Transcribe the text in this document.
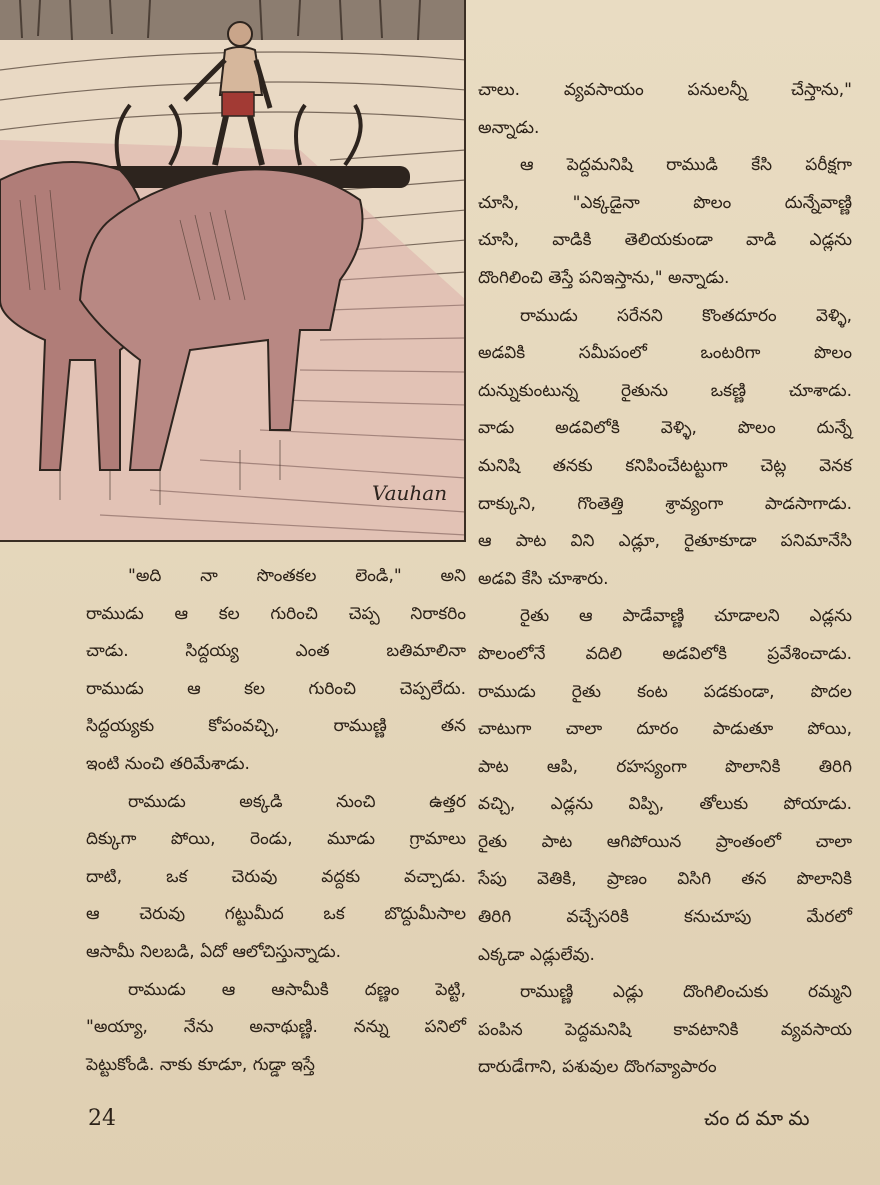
Vauhan

చాలు. వ్యవసాయం పనులన్నీ చేస్తాను,"
అన్నాడు.

ఆ పెద్దమనిషి రాముడి కేసి పరీక్షగా
చూసి, "ఎక్కడైనా పొలం దున్నేవాణ్ణి
చూసి, వాడికి తెలియకుండా వాడి ఎడ్లను
దొంగిలించి తెస్తే పనిఇస్తాను," అన్నాడు.

రాముడు సరేనని కొంతదూరం వెళ్ళి,
అడవికి సమీపంలో ఒంటరిగా పొలం
దున్నుకుంటున్న రైతును ఒకణ్ణి చూశాడు.
వాడు అడవిలోకి వెళ్ళి, పొలం దున్నే
మనిషి తనకు కనిపించేటట్టుగా చెట్ల వెనక
దాక్కుని, గొంతెత్తి శ్రావ్యంగా పాడసాగాడు.
ఆ పాట విని ఎడ్లూ, రైతూకూడా పనిమానేసి
అడవి కేసి చూశారు.

రైతు ఆ పాడేవాణ్ణి చూడాలని ఎడ్లను
పొలంలోనే వదిలి అడవిలోకి ప్రవేశించాడు.
రాముడు రైతు కంట పడకుండా, పొదల
చాటుగా చాలా దూరం పాడుతూ పోయి,
పాట ఆపి, రహస్యంగా పొలానికి తిరిగి
వచ్చి, ఎడ్లను విప్పి, తోలుకు పోయాడు.
రైతు పాట ఆగిపోయిన ప్రాంతంలో చాలా
సేపు వెతికి, ప్రాణం విసిగి తన పొలానికి
తిరిగి వచ్చేసరికి కనుచూపు మేరలో
ఎక్కడా ఎడ్లులేవు.

రాముణ్ణి ఎడ్లు దొంగిలించుకు రమ్మని
పంపిన పెద్దమనిషి కావటానికి వ్యవసాయ
దారుడేగాని, పశువుల దొంగవ్యాపారం

"అది నా సొంతకల లెండి," అని
రాముడు ఆ కల గురించి చెప్ప నిరాకరిం
చాడు. సిద్దయ్య ఎంత బతిమాలినా
రాముడు ఆ కల గురించి చెప్పలేదు.
సిద్దయ్యకు కోపంవచ్చి, రాముణ్ణి తన
ఇంటి నుంచి తరిమేశాడు.

రాముడు అక్కడి నుంచి ఉత్తర
దిక్కుగా పోయి, రెండు, మూడు గ్రామాలు
దాటి, ఒక చెరువు వద్దకు వచ్చాడు.
ఆ చెరువు గట్టుమీద ఒక బొద్దుమీసాల
ఆసామీ నిలబడి, ఏదో ఆలోచిస్తున్నాడు.

రాముడు ఆ ఆసామీకి దణ్ణం పెట్టి,
"అయ్యా, నేను అనాథుణ్ణి. నన్ను పనిలో
పెట్టుకోండి. నాకు కూడూ, గుడ్డా ఇస్తే

24	చందమామ
